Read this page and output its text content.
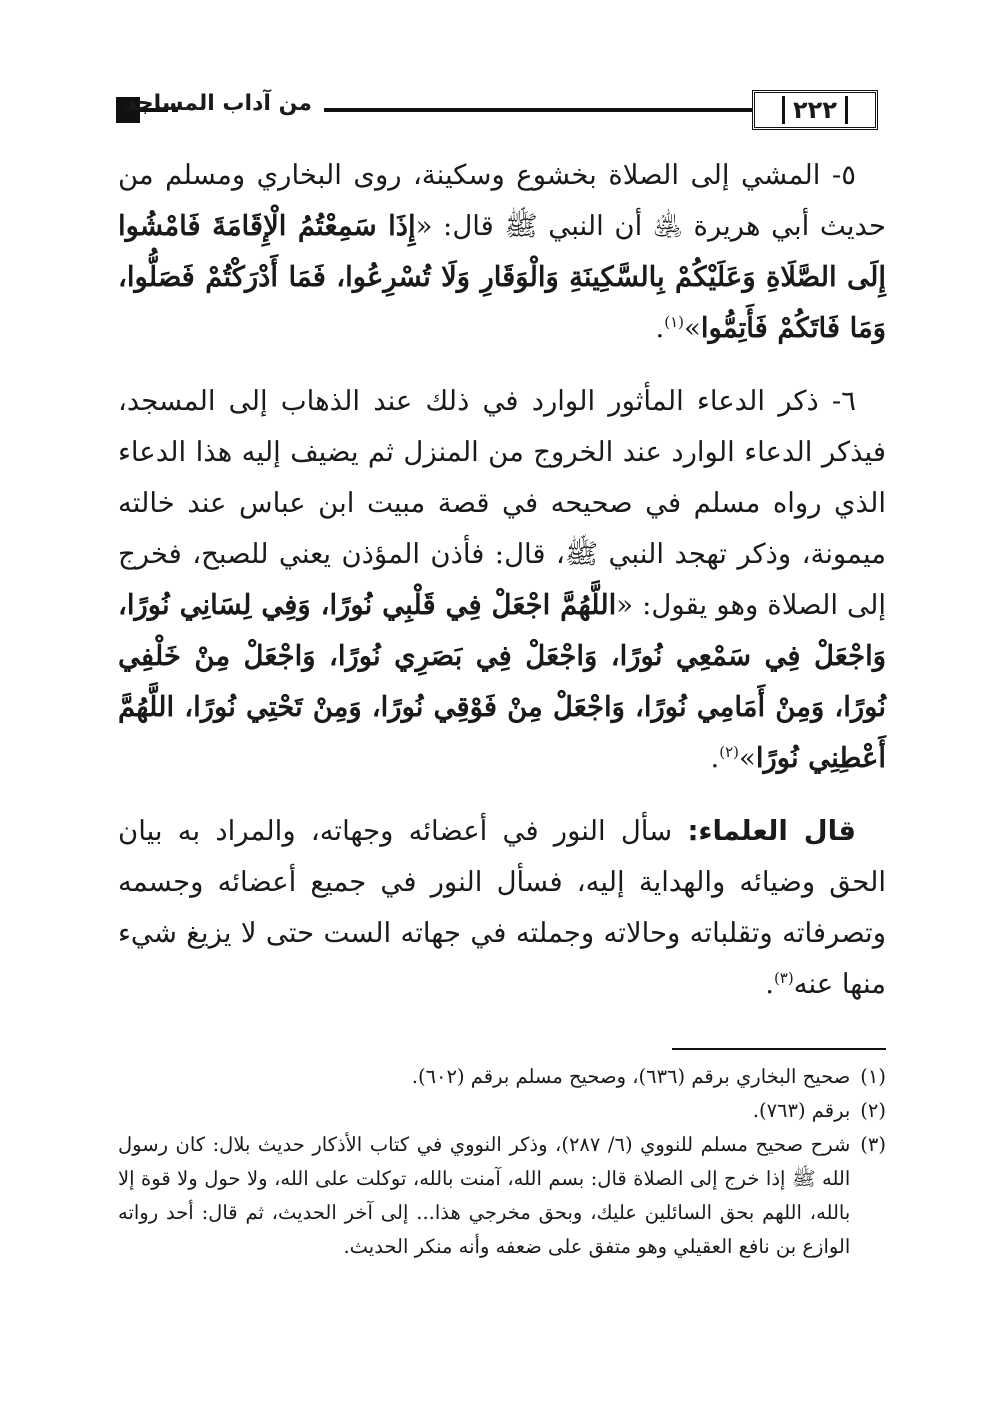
من آداب المساجد	٢٢٢
٥- المشي إلى الصلاة بخشوع وسكينة، روى البخاري ومسلم من حديث أبي هريرة ﵁ أن النبي ﷺ قال: «إِذَا سَمِعْتُمُ الْإِقَامَةَ فَامْشُوا إِلَى الصَّلَاةِ وَعَلَيْكُمْ بِالسَّكِينَةِ وَالْوَقَارِ وَلَا تُسْرِعُوا، فَمَا أَدْرَكْتُمْ فَصَلُّوا، وَمَا فَاتَكُمْ فَأَتِمُّوا»$^{(١)}$.
٦- ذكر الدعاء المأثور الوارد في ذلك عند الذهاب إلى المسجد، فيذكر الدعاء الوارد عند الخروج من المنزل ثم يضيف إليه هذا الدعاء الذي رواه مسلم في صحيحه في قصة مبيت ابن عباس عند خالته ميمونة، وذكر تهجد النبي ﷺ، قال: فأذن المؤذن يعني للصبح، فخرج إلى الصلاة وهو يقول: «اللَّهُمَّ اجْعَلْ فِي قَلْبِي نُورًا، وَفِي لِسَانِي نُورًا، وَاجْعَلْ فِي سَمْعِي نُورًا، وَاجْعَلْ فِي بَصَرِي نُورًا، وَاجْعَلْ مِنْ خَلْفِي نُورًا، وَمِنْ أَمَامِي نُورًا، وَاجْعَلْ مِنْ فَوْقِي نُورًا، وَمِنْ تَحْتِي نُورًا، اللَّهُمَّ أَعْطِنِي نُورًا»$^{(٢)}$.
قال العلماء: سأل النور في أعضائه وجهاته، والمراد به بيان الحق وضيائه والهداية إليه، فسأل النور في جميع أعضائه وجسمه وتصرفاته وتقلباته وحالاته وجملته في جهاته الست حتى لا يزيغ شيء منها عنه$^{(٣)}$.
(١)
صحيح البخاري برقم (٦٣٦)، وصحيح مسلم برقم (٦٠٢).
(٢)
برقم (٧٦٣).
(٣)
شرح صحيح مسلم للنووي (٦/ ٢٨٧)، وذكر النووي في كتاب الأذكار حديث بلال: كان رسول الله ﷺ إذا خرج إلى الصلاة قال: بسم الله، آمنت بالله، توكلت على الله، ولا حول ولا قوة إلا بالله، اللهم بحق السائلين عليك، وبحق مخرجي هذا... إلى آخر الحديث، ثم قال: أحد رواته الوازع بن نافع العقيلي وهو متفق على ضعفه وأنه منكر الحديث.
